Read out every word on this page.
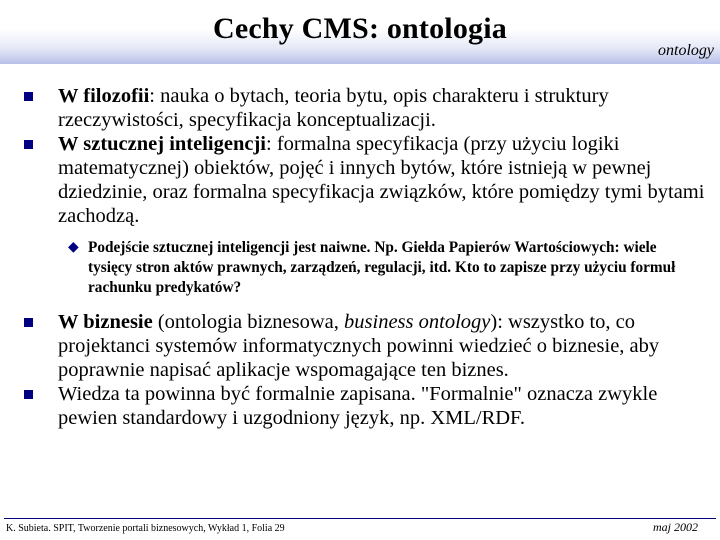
Cechy CMS: ontologia
ontology
W filozofii: nauka o bytach, teoria bytu, opis charakteru i struktury rzeczywistości, specyfikacja konceptualizacji.
W sztucznej inteligencji: formalna specyfikacja (przy użyciu logiki matematycznej) obiektów, pojęć i innych bytów, które istnieją w pewnej dziedzinie, oraz formalna specyfikacja związków, które pomiędzy tymi bytami zachodzą.
◆ Podejście sztucznej inteligencji jest naiwne. Np. Giełda Papierów Wartościowych: wiele tysięcy stron aktów prawnych, zarządzeń, regulacji, itd. Kto to zapisze przy użyciu formuł rachunku predykatów?
W biznesie (ontologia biznesowa, business ontology): wszystko to, co projektanci systemów informatycznych powinni wiedzieć o biznesie, aby poprawnie napisać aplikacje wspomagające ten biznes.
Wiedza ta powinna być formalnie zapisana. "Formalnie" oznacza zwykle pewien standardowy i uzgodniony język, np. XML/RDF.
K. Subieta. SPIT, Tworzenie portali biznesowych, Wykład 1, Folia 29	maj 2002
